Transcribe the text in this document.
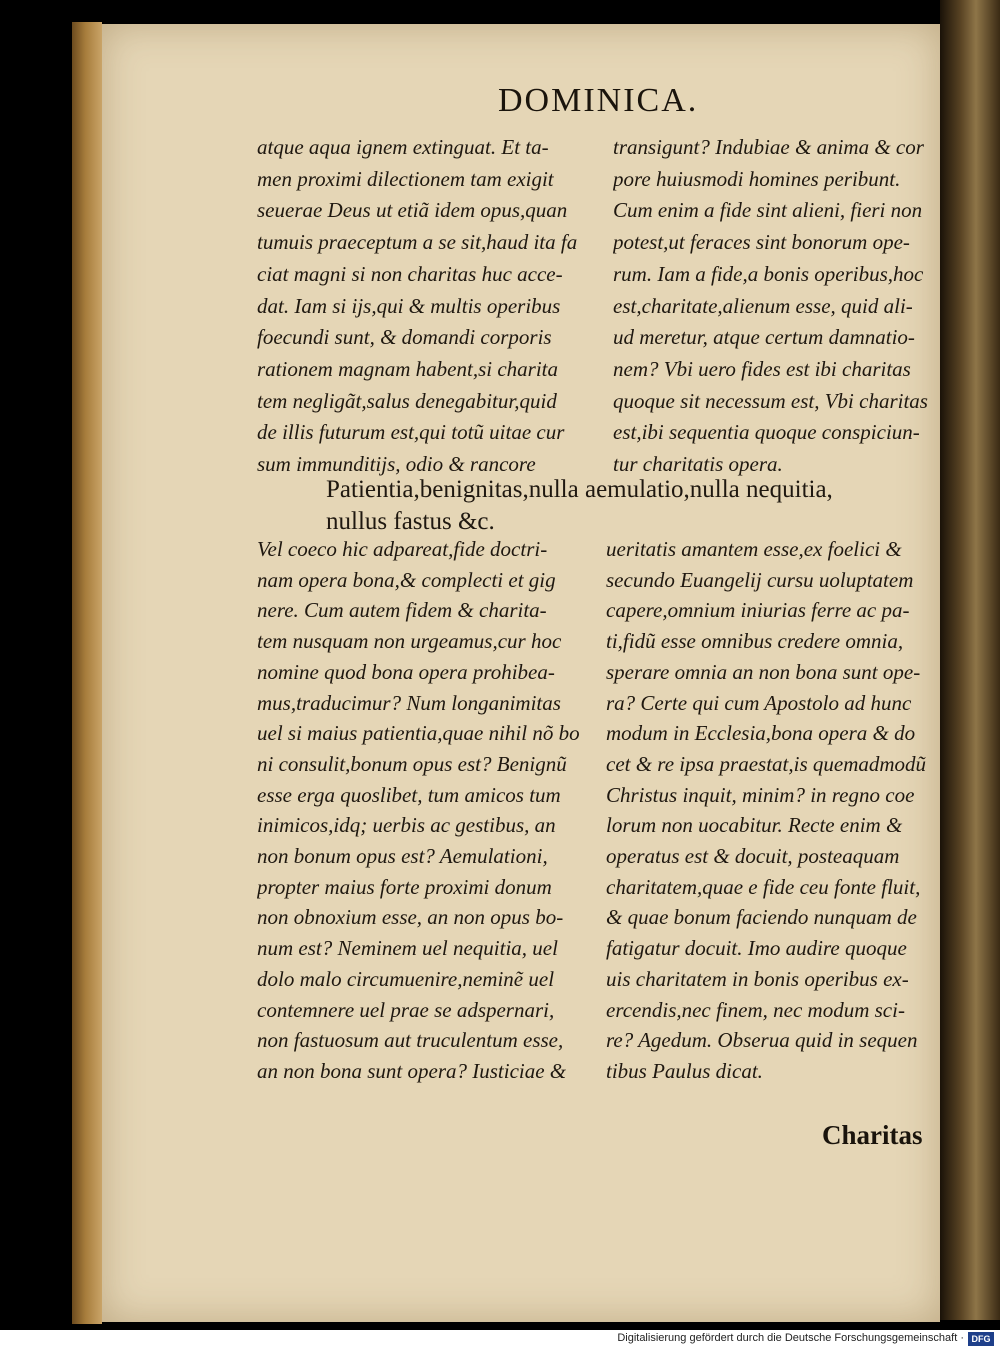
DOMINICA.
atque aqua ignem extinguat. Et ta-
men proximi dilectionem tam exigit
seuerae Deus ut etiã idem opus,quan
tumuis praeceptum a se sit,haud ita fa
ciat magni si non charitas huc acce-
dat. Iam si ijs,qui & multis operibus
foecundi sunt, & domandi corporis
rationem magnam habent,si charita
tem negligãt,salus denegabitur,quid
de illis futurum est,qui totũ uitae cur
sum immunditijs, odio & rancore
transigunt? Indubiae & anima & cor
pore huiusmodi homines peribunt.
Cum enim a fide sint alieni, fieri non
potest,ut feraces sint bonorum ope-
rum. Iam a fide,a bonis operibus,hoc
est,charitate,alienum esse, quid ali-
ud meretur, atque certum damnatio-
nem? Vbi uero fides est ibi charitas
quoque sit necessum est, Vbi charitas
est,ibi sequentia quoque conspiciun-
tur charitatis opera.
Patientia,benignitas,nulla aemulatio,nulla nequitia,
nullus fastus &c.
Vel coeco hic adpareat,fide doctri-
nam opera bona,& complecti et gig
nere. Cum autem fidem & charita-
tem nusquam non urgeamus,cur hoc
nomine quod bona opera prohibea-
mus,traducimur? Num longanimitas
uel si maius patientia,quae nihil nõ bo
ni consulit,bonum opus est? Benignũ
esse erga quoslibet, tum amicos tum
inimicos,idq; uerbis ac gestibus, an
non bonum opus est? Aemulationi,
propter maius forte proximi donum
non obnoxium esse, an non opus bo-
num est? Neminem uel nequitia, uel
dolo malo circumuenire,neminẽ uel
contemnere uel prae se adspernari,
non fastuosum aut truculentum esse,
an non bona sunt opera? Iusticiae &
ueritatis amantem esse,ex foelici &
secundo Euangelij cursu uoluptatem
capere,omnium iniurias ferre ac pa-
ti,fidũ esse omnibus credere omnia,
sperare omnia an non bona sunt ope-
ra? Certe qui cum Apostolo ad hunc
modum in Ecclesia,bona opera & do
cet & re ipsa praestat,is quemadmodũ
Christus inquit, minim? in regno coe
lorum non uocabitur. Recte enim &
operatus est & docuit, posteaquam
charitatem,quae e fide ceu fonte fluit,
& quae bonum faciendo nunquam de
fatigatur docuit. Imo audire quoque
uis charitatem in bonis operibus ex-
ercendis,nec finem, nec modum sci-
re? Agedum. Obserua quid in sequen
tibus Paulus dicat.
Charitas
Digitalisierung gefördert durch die Deutsche Forschungsgemeinschaft · DFG
